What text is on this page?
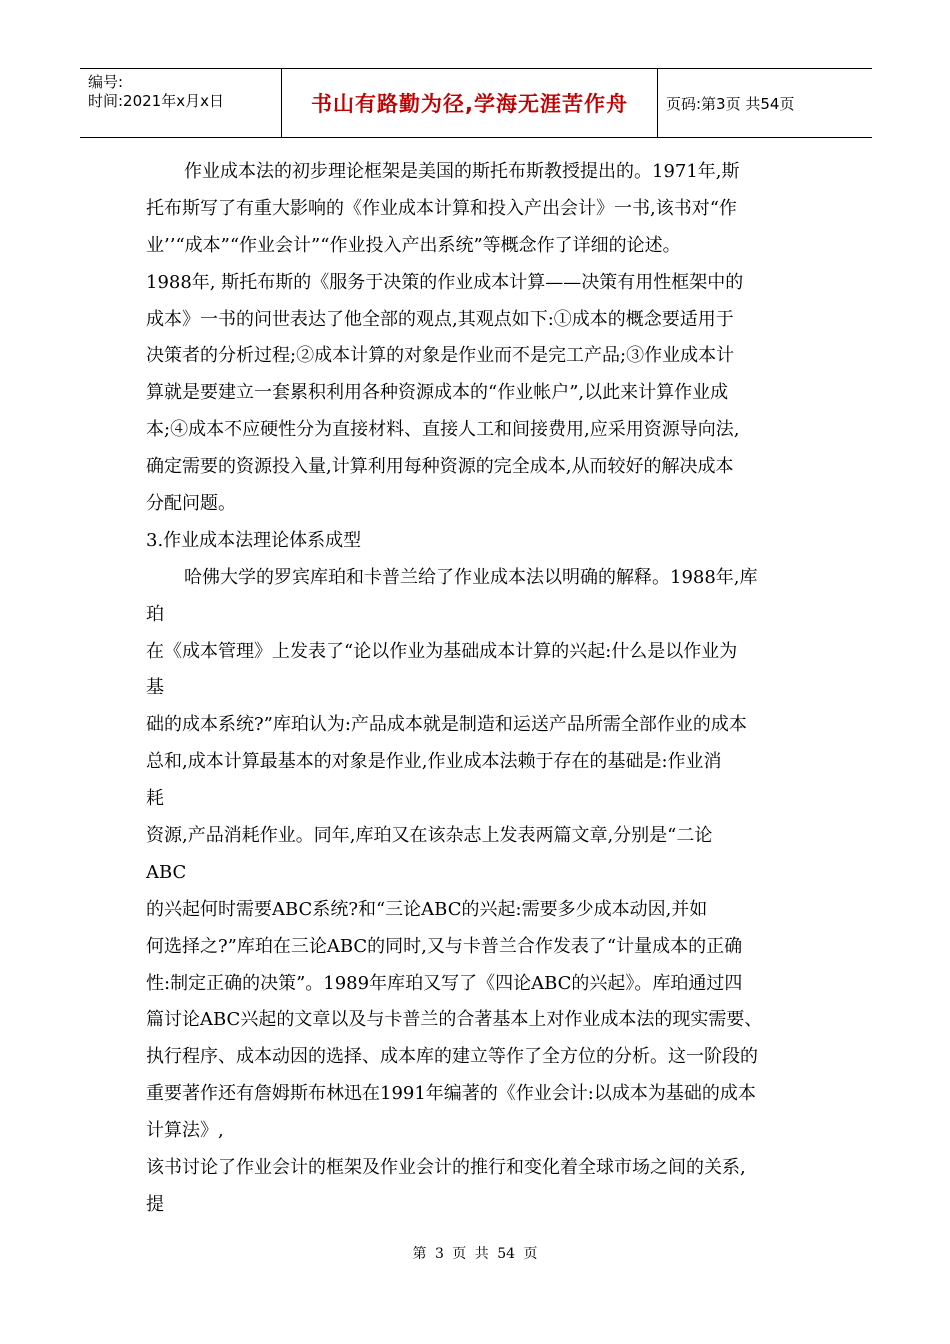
编号:
时间:2021年x月x日	书山有路勤为径,学海无涯苦作舟	页码:第3页 共54页
作业成本法的初步理论框架是美国的斯托布斯教授提出的。1971年,斯
托布斯写了有重大影响的《作业成本计算和投入产出会计》一书,该书对“作
业’’“成本”“作业会计”“作业投入产出系统”等概念作了详细的论述。
1988年, 斯托布斯的《服务于决策的作业成本计算——决策有用性框架中的
成本》一书的问世表达了他全部的观点,其观点如下:①成本的概念要适用于
决策者的分析过程;②成本计算的对象是作业而不是完工产品;③作业成本计
算就是要建立一套累积利用各种资源成本的“作业帐户”,以此来计算作业成
本;④成本不应硬性分为直接材料、直接人工和间接费用,应采用资源导向法,
确定需要的资源投入量,计算利用每种资源的完全成本,从而较好的解决成本
分配问题。
3.作业成本法理论体系成型
哈佛大学的罗宾库珀和卡普兰给了作业成本法以明确的解释。1988年,库
珀
在《成本管理》上发表了“论以作业为基础成本计算的兴起:什么是以作业为
基
础的成本系统?”库珀认为:产品成本就是制造和运送产品所需全部作业的成本
总和,成本计算最基本的对象是作业,作业成本法赖于存在的基础是:作业消
耗
资源,产品消耗作业。同年,库珀又在该杂志上发表两篇文章,分别是“二论
ABC
的兴起何时需要ABC系统?和“三论ABC的兴起:需要多少成本动因,并如
何选择之?”库珀在三论ABC的同时,又与卡普兰合作发表了“计量成本的正确
性:制定正确的决策”。1989年库珀又写了《四论ABC的兴起》。库珀通过四
篇讨论ABC兴起的文章以及与卡普兰的合著基本上对作业成本法的现实需要、
执行程序、成本动因的选择、成本库的建立等作了全方位的分析。这一阶段的
重要著作还有詹姆斯布林迅在1991年编著的《作业会计:以成本为基础的成本
计算法》,
该书讨论了作业会计的框架及作业会计的推行和变化着全球市场之间的关系,
提
第 3 页 共 54 页
